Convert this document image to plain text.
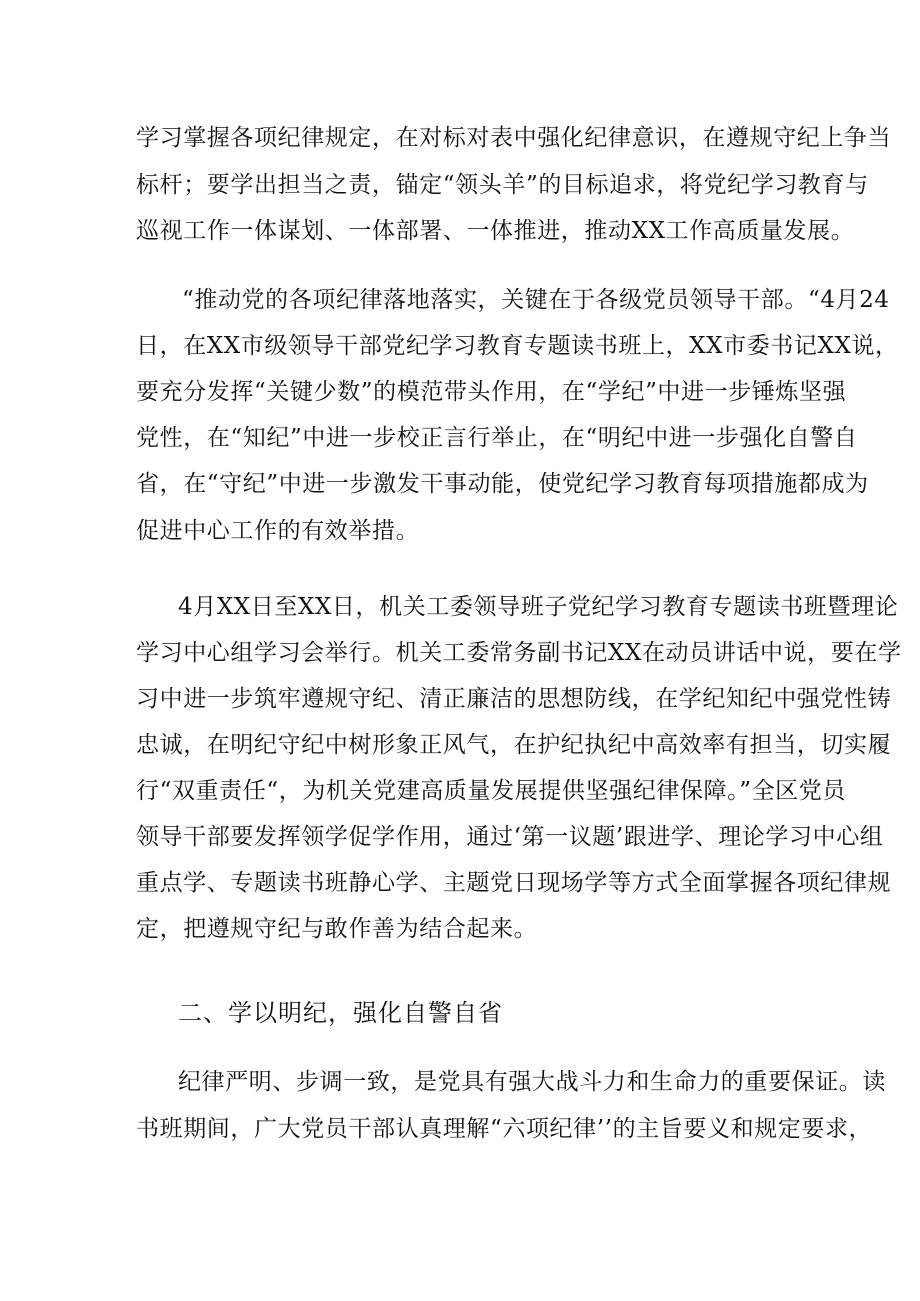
学习掌握各项纪律规定，在对标对表中强化纪律意识，在遵规守纪上争当
标杆；要学出担当之责，锚定“领头羊”的目标追求，将党纪学习教育与
巡视工作一体谋划、一体部署、一体推进，推动XX工作高质量发展。
“推动党的各项纪律落地落实，关键在于各级党员领导干部。“4月24
日，在XX市级领导干部党纪学习教育专题读书班上，XX市委书记XX说，
要充分发挥“关键少数”的模范带头作用，在“学纪”中进一步锤炼坚强
党性，在“知纪”中进一步校正言行举止，在“明纪中进一步强化自警自
省，在“守纪”中进一步激发干事动能，使党纪学习教育每项措施都成为
促进中心工作的有效举措。
4月XX日至XX日，机关工委领导班子党纪学习教育专题读书班暨理论
学习中心组学习会举行。机关工委常务副书记XX在动员讲话中说，要在学
习中进一步筑牢遵规守纪、清正廉洁的思想防线，在学纪知纪中强党性铸
忠诚，在明纪守纪中树形象正风气，在护纪执纪中高效率有担当，切实履
行“双重责任“，为机关党建高质量发展提供坚强纪律保障。”全区党员
领导干部要发挥领学促学作用，通过‘第一议题’跟进学、理论学习中心组
重点学、专题读书班静心学、主题党日现场学等方式全面掌握各项纪律规
定，把遵规守纪与敢作善为结合起来。
二、学以明纪，强化自警自省
纪律严明、步调一致，是党具有强大战斗力和生命力的重要保证。读
书班期间，广大党员干部认真理解“六项纪律’’的主旨要义和规定要求，
